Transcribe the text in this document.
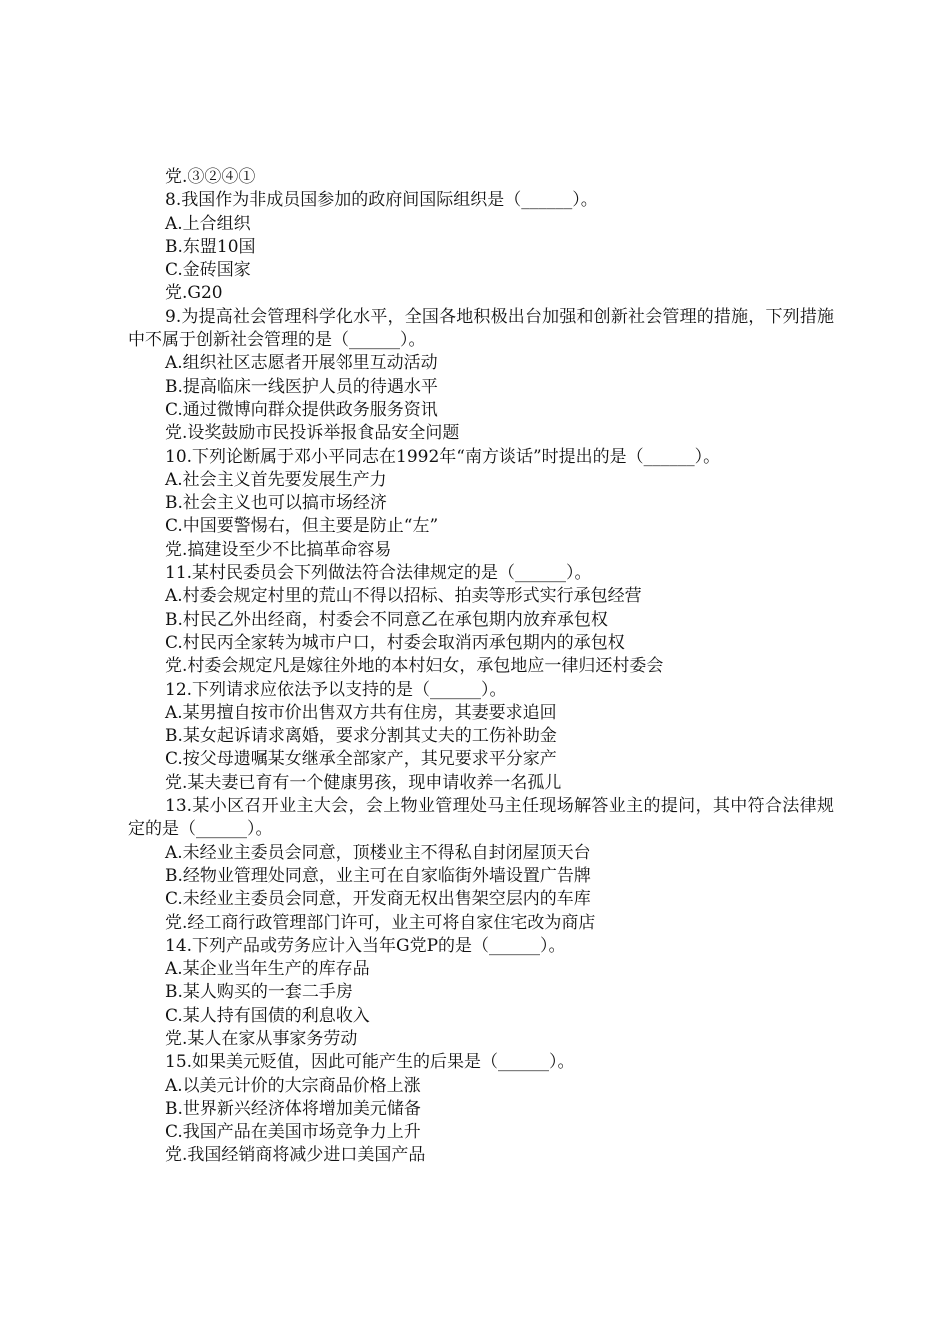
党.③②④①

8.我国作为非成员国参加的政府间国际组织是（______）。

A.上合组织

B.东盟10国

C.金砖国家

党.G20

9.为提高社会管理科学化水平，全国各地积极出台加强和创新社会管理的措施，下列措施中不属于创新社会管理的是（______）。

A.组织社区志愿者开展邻里互动活动

B.提高临床一线医护人员的待遇水平

C.通过微博向群众提供政务服务资讯

党.设奖鼓励市民投诉举报食品安全问题

10.下列论断属于邓小平同志在1992年“南方谈话”时提出的是（______）。

A.社会主义首先要发展生产力

B.社会主义也可以搞市场经济

C.中国要警惕右，但主要是防止“左”

党.搞建设至少不比搞革命容易

11.某村民委员会下列做法符合法律规定的是（______）。

A.村委会规定村里的荒山不得以招标、拍卖等形式实行承包经营

B.村民乙外出经商，村委会不同意乙在承包期内放弃承包权

C.村民丙全家转为城市户口，村委会取消丙承包期内的承包权

党.村委会规定凡是嫁往外地的本村妇女，承包地应一律归还村委会

12.下列请求应依法予以支持的是（______）。

A.某男擅自按市价出售双方共有住房，其妻要求追回

B.某女起诉请求离婚，要求分割其丈夫的工伤补助金

C.按父母遗嘱某女继承全部家产，其兄要求平分家产

党.某夫妻已育有一个健康男孩，现申请收养一名孤儿

13.某小区召开业主大会，会上物业管理处马主任现场解答业主的提问，其中符合法律规定的是（______）。

A.未经业主委员会同意，顶楼业主不得私自封闭屋顶天台

B.经物业管理处同意，业主可在自家临街外墙设置广告牌

C.未经业主委员会同意，开发商无权出售架空层内的车库

党.经工商行政管理部门许可，业主可将自家住宅改为商店

14.下列产品或劳务应计入当年G党P的是（______）。

A.某企业当年生产的库存品

B.某人购买的一套二手房

C.某人持有国债的利息收入

党.某人在家从事家务劳动

15.如果美元贬值，因此可能产生的后果是（______）。

A.以美元计价的大宗商品价格上涨

B.世界新兴经济体将增加美元储备

C.我国产品在美国市场竞争力上升

党.我国经销商将减少进口美国产品
